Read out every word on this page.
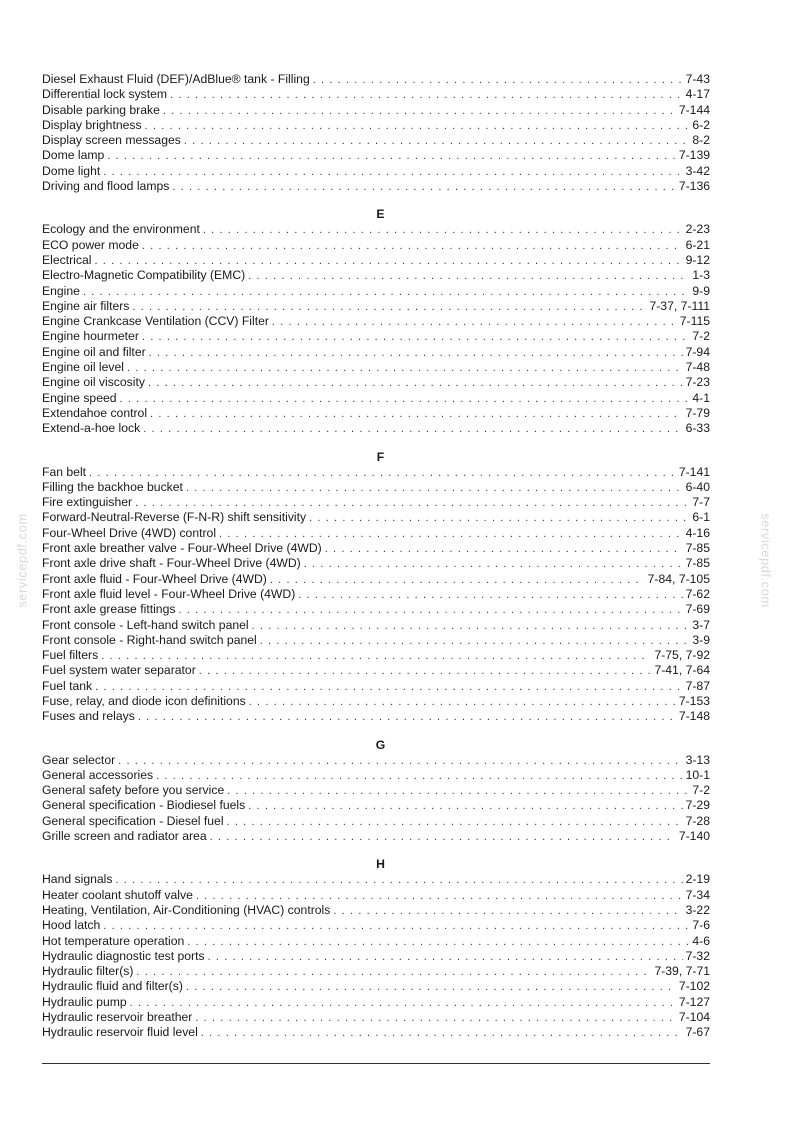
Diesel Exhaust Fluid (DEF)/AdBlue® tank - Filling . . .	7-43
Differential lock system . . .	4-17
Disable parking brake . . .	7-144
Display brightness . . .	6-2
Display screen messages . . .	8-2
Dome lamp . . .	7-139
Dome light . . .	3-42
Driving and flood lamps . . .	7-136
E
Ecology and the environment . . .	2-23
ECO power mode . . .	6-21
Electrical . . .	9-12
Electro-Magnetic Compatibility (EMC) . . .	1-3
Engine . . .	9-9
Engine air filters . . .	7-37, 7-111
Engine Crankcase Ventilation (CCV) Filter . . .	7-115
Engine hourmeter . . .	7-2
Engine oil and filter . . .	7-94
Engine oil level . . .	7-48
Engine oil viscosity . . .	7-23
Engine speed . . .	4-1
Extendahoe control . . .	7-79
Extend-a-hoe lock . . .	6-33
F
Fan belt . . .	7-141
Filling the backhoe bucket . . .	6-40
Fire extinguisher . . .	7-7
Forward-Neutral-Reverse (F-N-R) shift sensitivity . . .	6-1
Four-Wheel Drive (4WD) control . . .	4-16
Front axle breather valve - Four-Wheel Drive (4WD) . . .	7-85
Front axle drive shaft - Four-Wheel Drive (4WD) . . .	7-85
Front axle fluid - Four-Wheel Drive (4WD) . . .	7-84, 7-105
Front axle fluid level - Four-Wheel Drive (4WD) . . .	7-62
Front axle grease fittings . . .	7-69
Front console - Left-hand switch panel . . .	3-7
Front console - Right-hand switch panel . . .	3-9
Fuel filters . . .	7-75, 7-92
Fuel system water separator . . .	7-41, 7-64
Fuel tank . . .	7-87
Fuse, relay, and diode icon definitions . . .	7-153
Fuses and relays . . .	7-148
G
Gear selector . . .	3-13
General accessories . . .	10-1
General safety before you service . . .	7-2
General specification - Biodiesel fuels . . .	7-29
General specification - Diesel fuel . . .	7-28
Grille screen and radiator area . . .	7-140
H
Hand signals . . .	2-19
Heater coolant shutoff valve . . .	7-34
Heating, Ventilation, Air-Conditioning (HVAC) controls . . .	3-22
Hood latch . . .	7-6
Hot temperature operation . . .	4-6
Hydraulic diagnostic test ports . . .	7-32
Hydraulic filter(s) . . .	7-39, 7-71
Hydraulic fluid and filter(s) . . .	7-102
Hydraulic pump . . .	7-127
Hydraulic reservoir breather . . .	7-104
Hydraulic reservoir fluid level . . .	7-67
servicepdf.com	servicepdf.com
